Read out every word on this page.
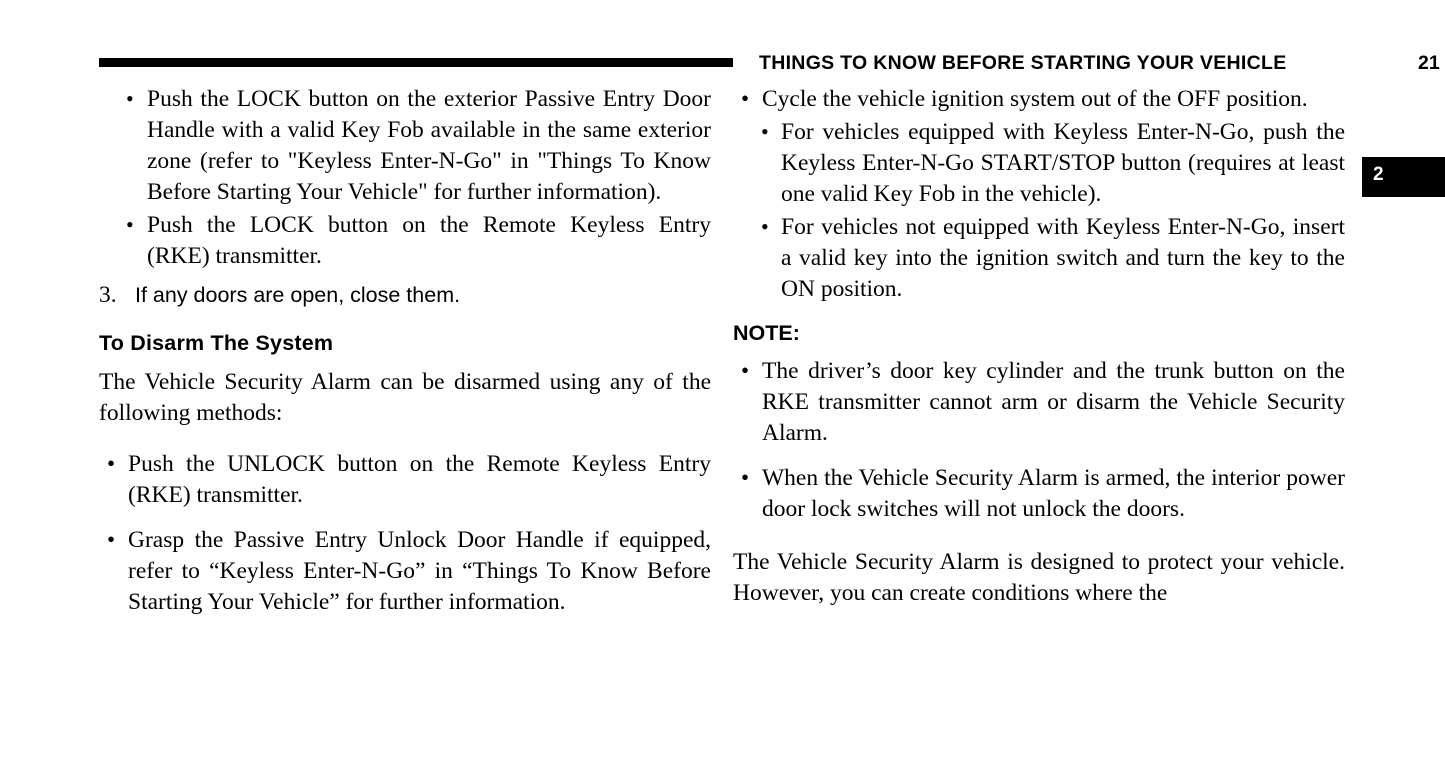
THINGS TO KNOW BEFORE STARTING YOUR VEHICLE	21
2
• Push the LOCK button on the exterior Passive Entry Door Handle with a valid Key Fob available in the same exterior zone (refer to "Keyless Enter-N-Go" in "Things To Know Before Starting Your Vehicle" for further information).
• Push the LOCK button on the Remote Keyless Entry (RKE) transmitter.
3. If any doors are open, close them.
To Disarm The System

The Vehicle Security Alarm can be disarmed using any of the following methods:

• Push the UNLOCK button on the Remote Keyless Entry (RKE) transmitter.
• Grasp the Passive Entry Unlock Door Handle if equipped, refer to “Keyless Enter-N-Go” in “Things To Know Before Starting Your Vehicle” for further information.
• Cycle the vehicle ignition system out of the OFF position.
• For vehicles equipped with Keyless Enter-N-Go, push the Keyless Enter-N-Go START/STOP button (requires at least one valid Key Fob in the vehicle).
• For vehicles not equipped with Keyless Enter-N-Go, insert a valid key into the ignition switch and turn the key to the ON position.
NOTE:
• The driver’s door key cylinder and the trunk button on the RKE transmitter cannot arm or disarm the Vehicle Security Alarm.
• When the Vehicle Security Alarm is armed, the interior power door lock switches will not unlock the doors.

The Vehicle Security Alarm is designed to protect your vehicle. However, you can create conditions where the
